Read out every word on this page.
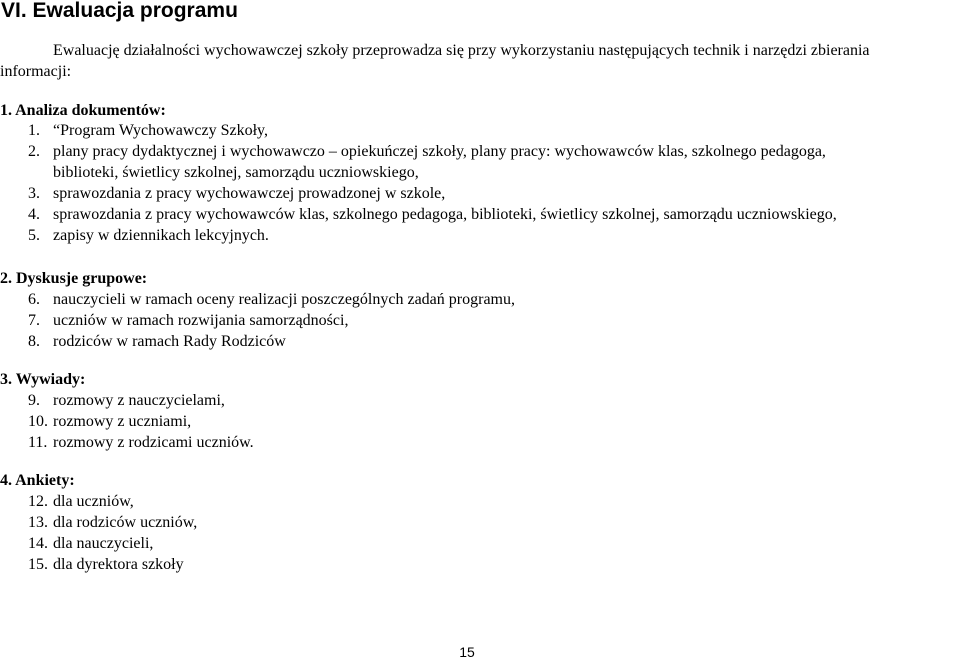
VI. Ewaluacja programu
Ewaluację działalności wychowawczej szkoły przeprowadza się przy wykorzystaniu następujących technik i narzędzi zbierania
informacji:
1. Analiza dokumentów:
1. “Program Wychowawczy Szkoły,
2. plany pracy dydaktycznej i wychowawczo – opiekuńczej szkoły, plany pracy: wychowawców klas, szkolnego pedagoga,
biblioteki, świetlicy szkolnej, samorządu uczniowskiego,
3. sprawozdania z pracy wychowawczej prowadzonej w szkole,
4. sprawozdania z pracy wychowawców klas, szkolnego pedagoga, biblioteki, świetlicy szkolnej, samorządu uczniowskiego,
5. zapisy w dziennikach lekcyjnych.
2. Dyskusje grupowe:
6. nauczycieli w ramach oceny realizacji poszczególnych zadań programu,
7. uczniów w ramach rozwijania samorządności,
8. rodziców w ramach Rady Rodziców
3. Wywiady:
9. rozmowy z nauczycielami,
10. rozmowy z uczniami,
11. rozmowy z rodzicami uczniów.
4. Ankiety:
12. dla uczniów,
13. dla rodziców uczniów,
14. dla nauczycieli,
15. dla dyrektora szkoły
15
